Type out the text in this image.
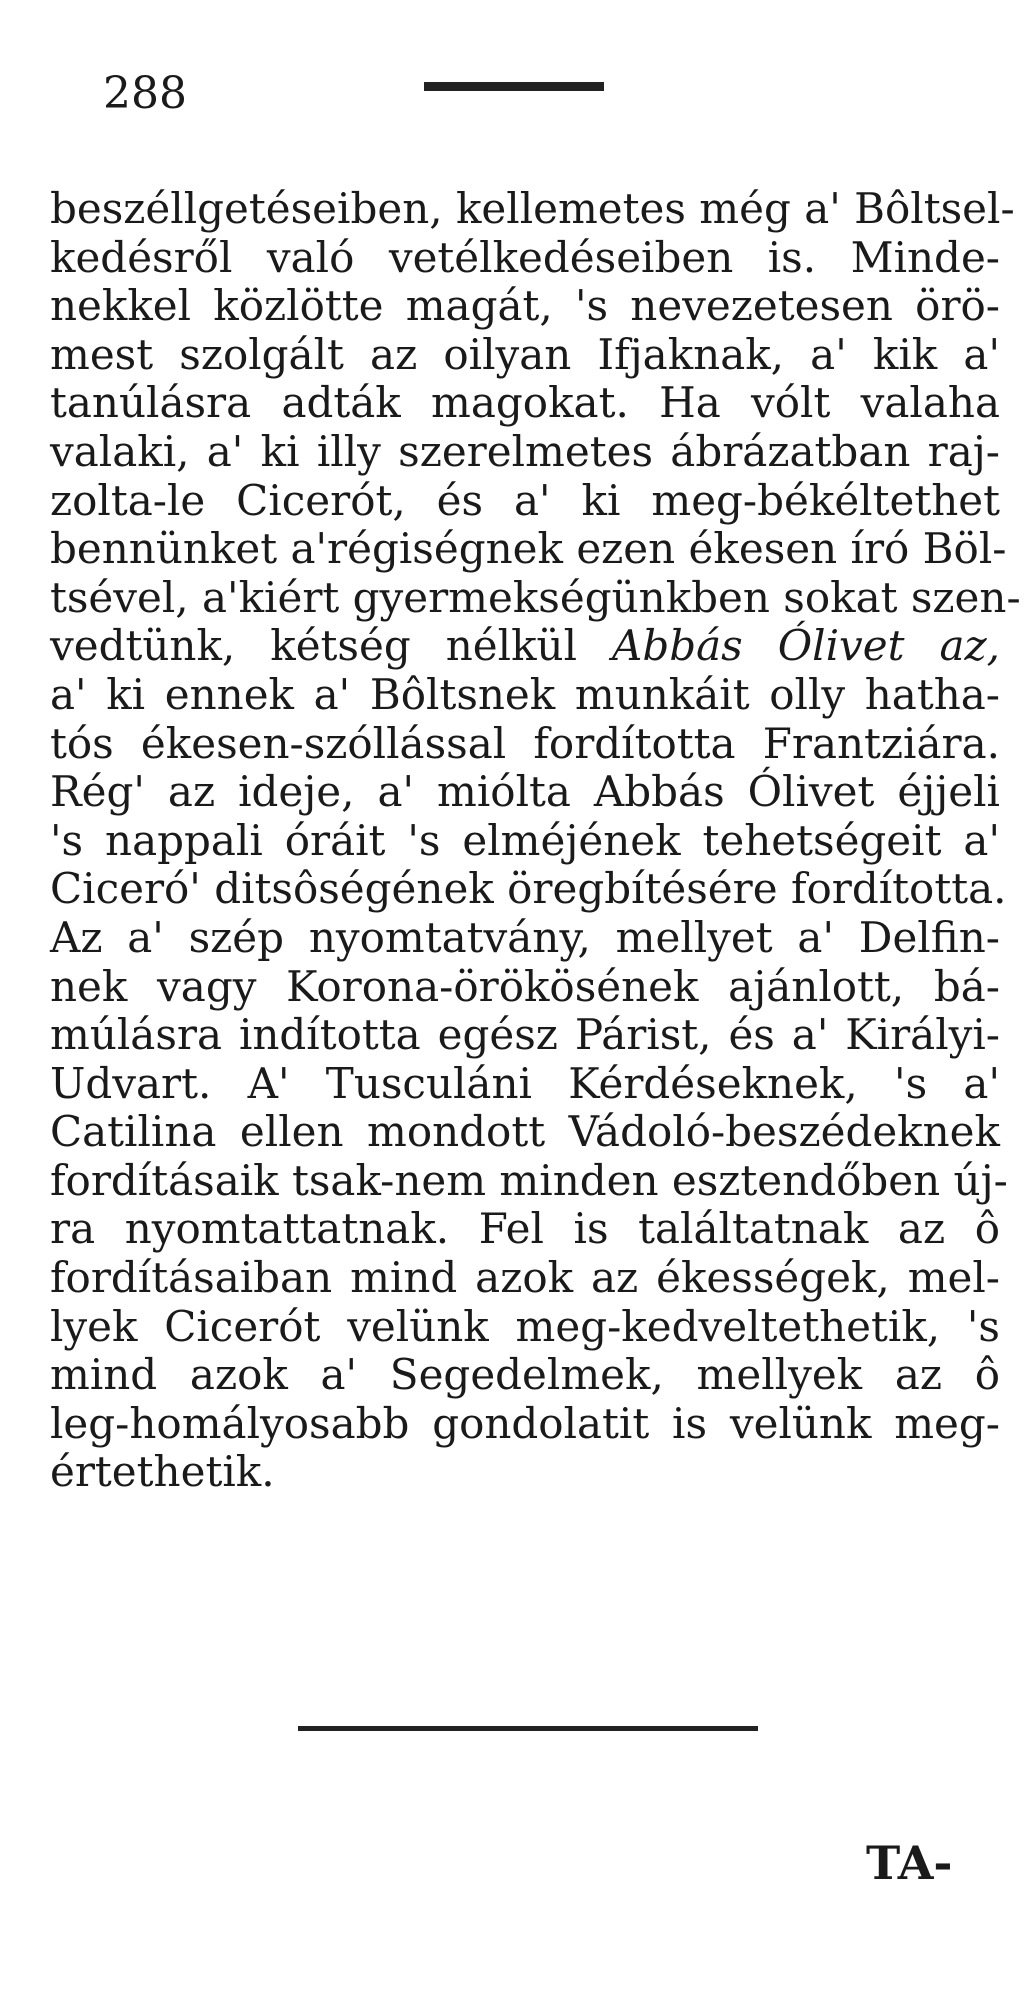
288
beszéllgetéseiben, kellemetes még a' Bôltsel-
kedésről való vetélkedéseiben is. Minde-
nekkel közlötte magát, 's nevezetesen örö-
mest szolgált az oilyan Ifjaknak, a' kik a'
tanúlásra adták magokat. Ha vólt valaha
valaki, a' ki illy szerelmetes ábrázatban raj-
zolta-le Cicerót, és a' ki meg-békéltethet
bennünket a'régiségnek ezen ékesen író Böl-
tsével, a'kiért gyermekségünkben sokat szen-
vedtünk, kétség nélkül Abbás Ólivet az,
a' ki ennek a' Bôltsnek munkáit olly hatha-
tós ékesen-szóllással fordította Frantziára.
Rég' az ideje, a' miólta Abbás Ólivet éjjeli
's nappali óráit 's elméjének tehetségeit a'
Ciceró' ditsôségének öregbítésére fordította.
Az a' szép nyomtatvány, mellyet a' Delfin-
nek vagy Korona-örökösének ajánlott, bá-
múlásra indította egész Párist, és a' Királyi-
Udvart. A' Tusculáni Kérdéseknek, 's a'
Catilina ellen mondott Vádoló-beszédeknek
fordításaik tsak-nem minden esztendőben új-
ra nyomtattatnak. Fel is találtatnak az ô
fordításaiban mind azok az ékességek, mel-
lyek Cicerót velünk meg-kedveltethetik, 's
mind azok a' Segedelmek, mellyek az ô
leg-homályosabb gondolatit is velünk meg-
értethetik.
TA-
